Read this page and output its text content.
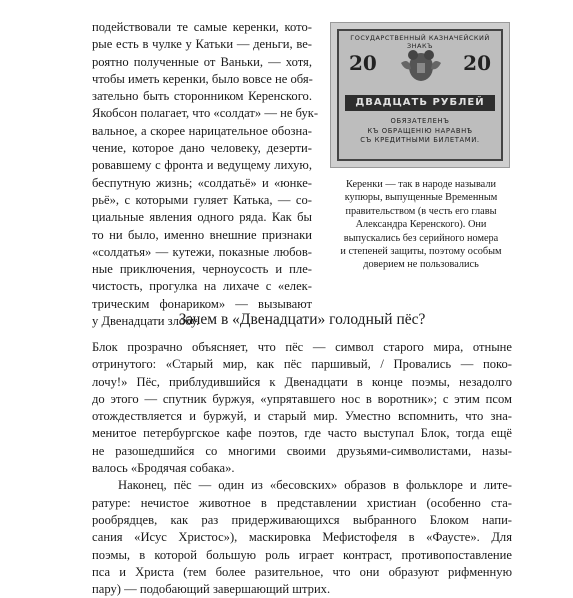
подействовали те самые керенки, кото-
рые есть в чулке у Катьки — деньги, ве-
роятно полученные от Ваньки, — хотя,
чтобы иметь керенки, было вовсе не обя-
зательно быть сторонником Керенского.
Якобсон полагает, что «солдат» — не бук-
вальное, а скорее нарицательное обозна-
чение, которое дано человеку, дезерти-
ровавшему с фронта и ведущему лихую,
беспутную жизнь; «солдатьё» и «юнке-
рьё», с которыми гуляет Катька, — со-
циальные явления одного ряда. Как бы
то ни было, именно внешние признаки
«солдатья» — кутежи, показные любов-
ные приключения, черноусость и пле-
чистость, прогулка на лихаче с «елек-
трическим фонариком» — вызывают
у Двенадцати злобу.
ГОСУДАРСТВЕННЫЙ КАЗНАЧЕЙСКИЙ ЗНАКЪ
20	20
ДВАДЦАТЬ РУБЛЕЙ
ОБЯЗАТЕЛЕНЪ
КЪ ОБРАЩЕНІЮ НАРАВНѢ
СЪ КРЕДИТНЫМИ БИЛЕТАМИ.
Керенки — так в народе называли
купюры, выпущенные Временным
правительством (в честь его главы
Александра Керенского). Они
выпускались без серийного номера
и степеней защиты, поэтому особым
доверием не пользовались
Зачем в «Двенадцати» голодный пёс?
Блок прозрачно объясняет, что пёс — символ старого мира, отныне
отринутого: «Старый мир, как пёс паршивый, / Провались — поко-
лочу!» Пёс, приблудившийся к Двенадцати в конце поэмы, незадолго
до этого — спутник буржуя, «упрятавшего нос в воротник»; с этим псом
отождествляется и буржуй, и старый мир. Уместно вспомнить, что зна-
менитое петербургское кафе поэтов, где часто выступал Блок, тогда ещё
не разошедшийся со многими своими друзьями-символистами, назы-
валось «Бродячая собака».
Наконец, пёс — один из «бесовских» образов в фольклоре и лите-
ратуре: нечистое животное в представлении христиан (особенно ста-
рообрядцев, как раз придерживающихся выбранного Блоком напи-
сания «Исус Христос»), маскировка Мефистофеля в «Фаусте». Для
поэмы, в которой большую роль играет контраст, противопоставление
пса и Христа (тем более разительное, что они образуют рифменную
пару) — подобающий завершающий штрих.
